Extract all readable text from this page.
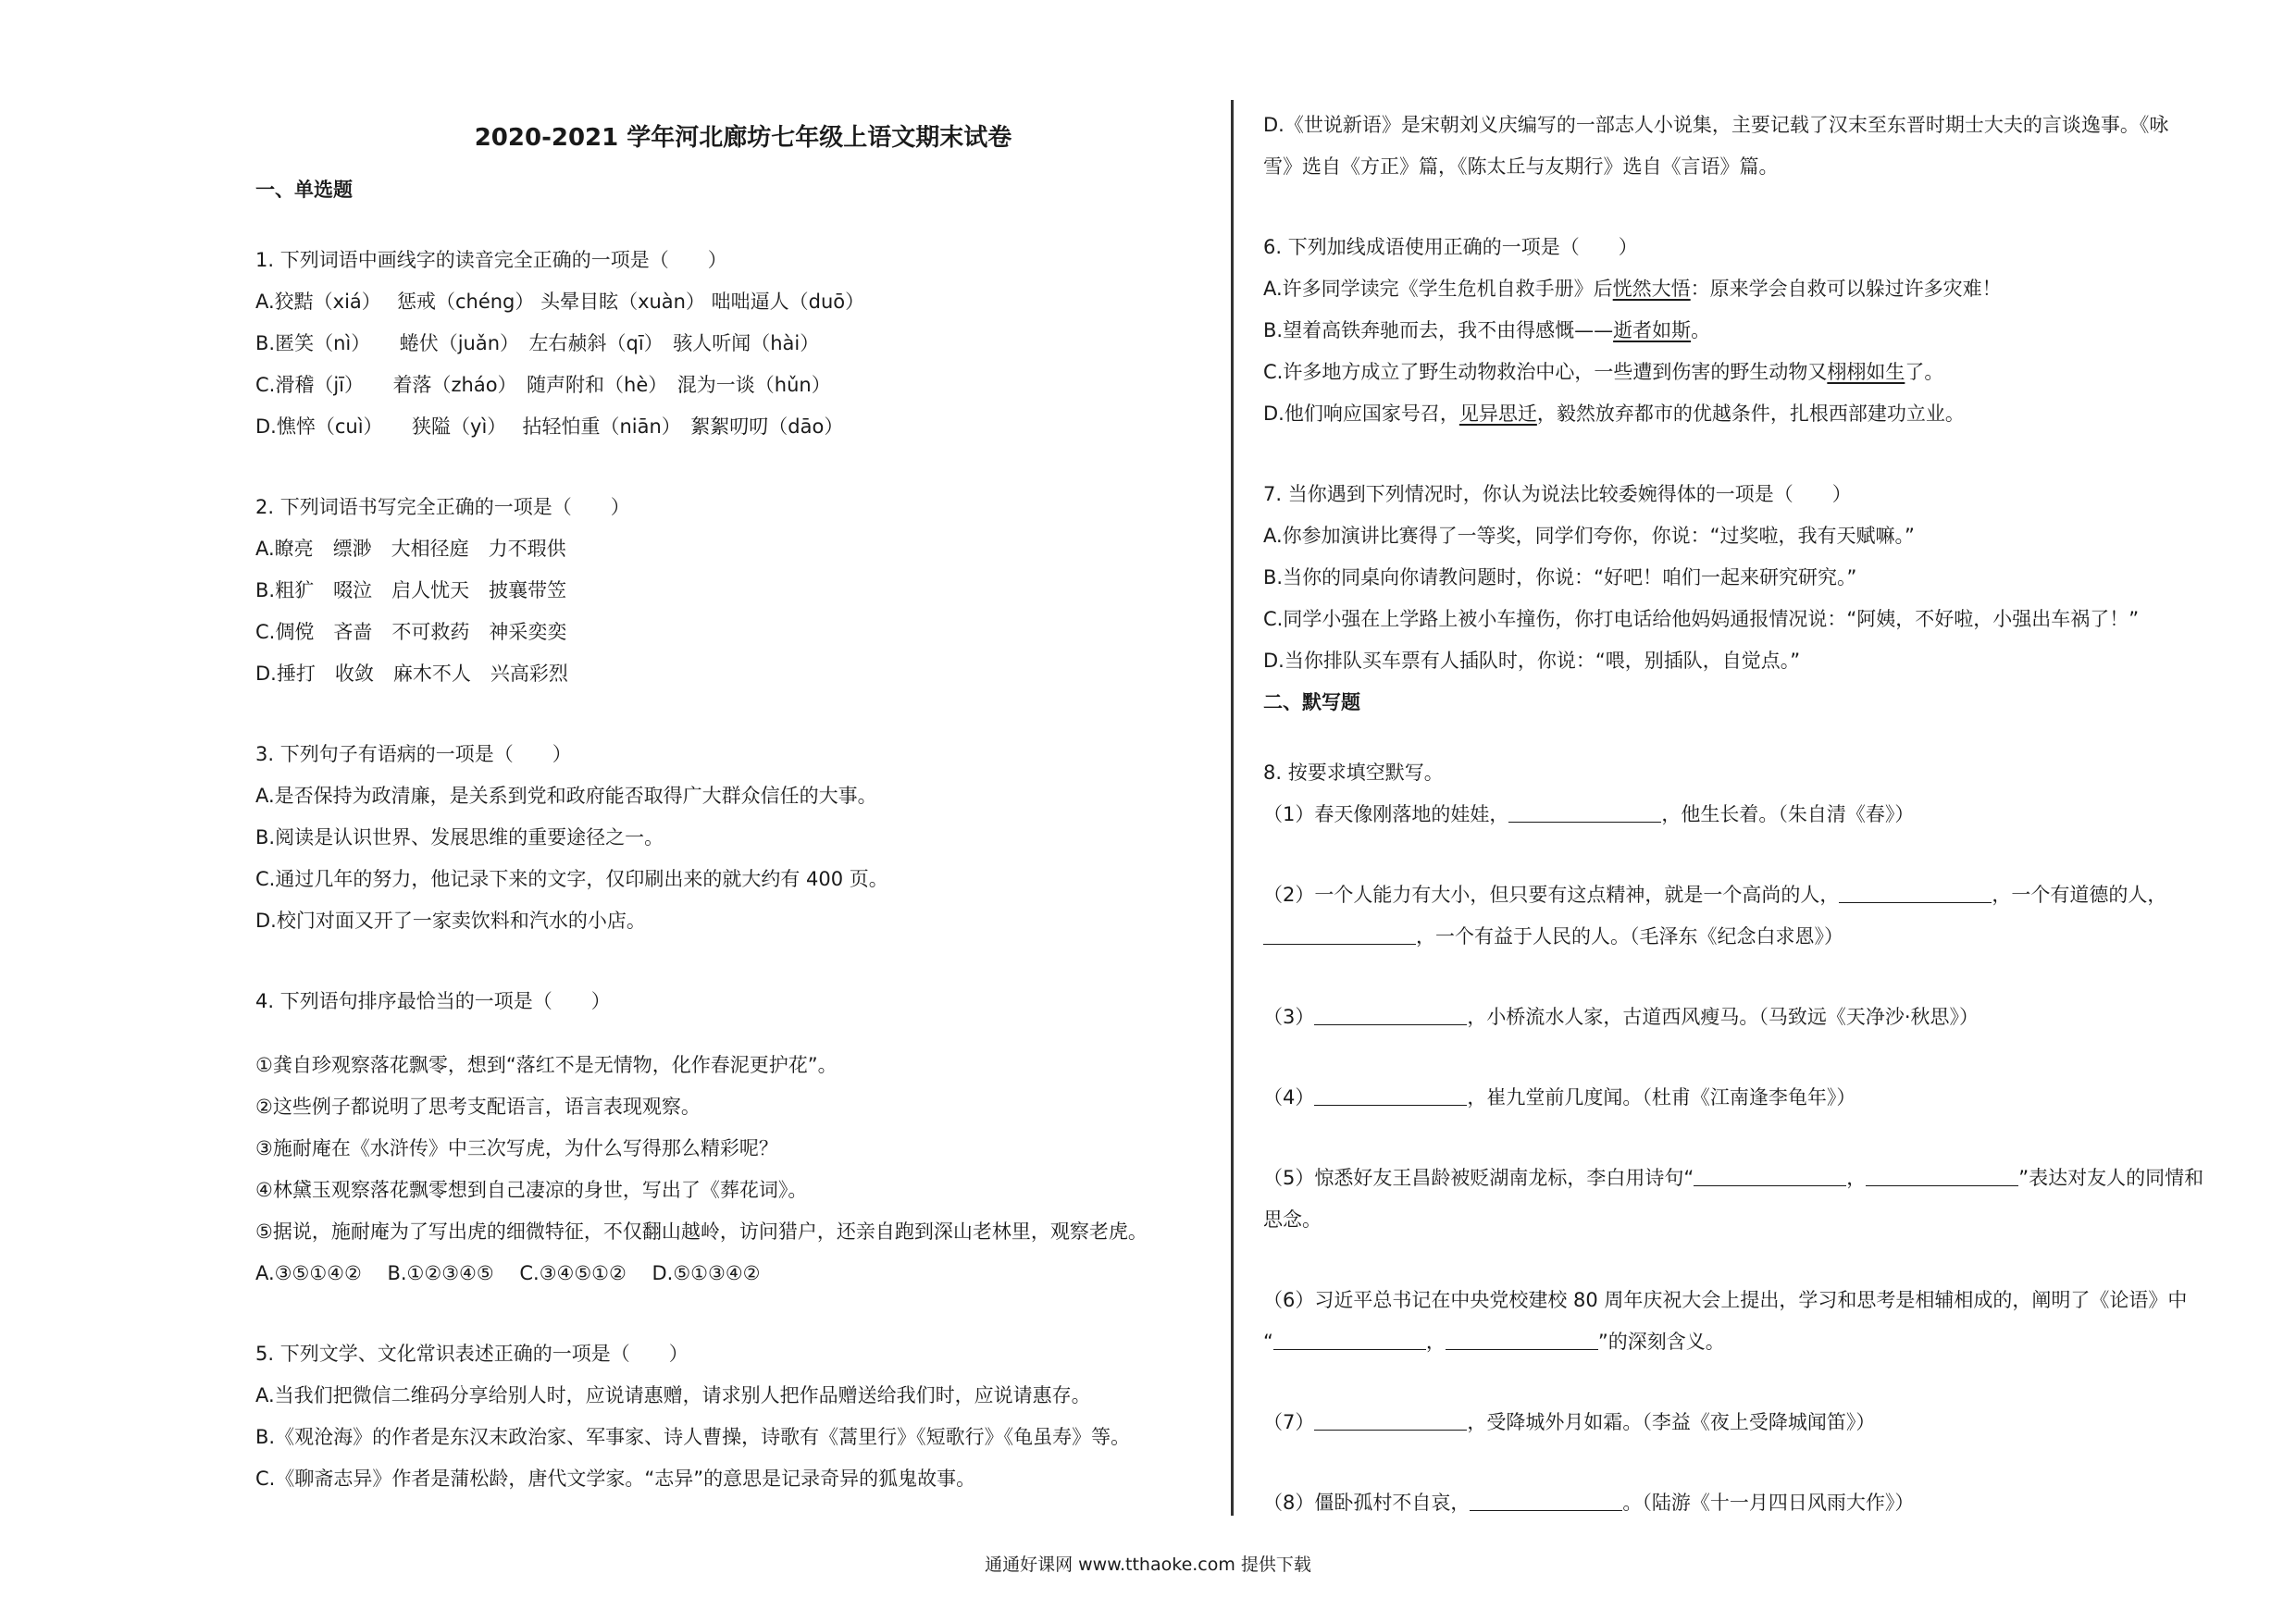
2020-2021 学年河北廊坊七年级上语文期末试卷
一、单选题
1. 下列词语中画线字的读音完全正确的一项是（　　）
A.狡黠（xiá）　 惩戒（chéng） 头晕目眩（xuàn） 咄咄逼人（duō）
B.匿笑（nì）　　蜷伏（juǎn）　左右赪斜（qī）　骇人听闻（hài）
C.滑稽（jī）　　着落（zháo）　随声附和（hè）　混为一谈（hǔn）
D.憔悴（cuì）　　狭隘（yì）　 拈轻怕重（niān）　絮絮叨叨（dāo）
2. 下列词语书写完全正确的一项是（　　）
A.瞭亮　缥渺　大相径庭　力不瑕供
B.粗犷　啜泣　启人忧天　披襄带笠
C.倜傥　吝啬　不可救药　神采奕奕
D.捶打　收敛　麻木不人　兴高彩烈
3. 下列句子有语病的一项是（　　）
A.是否保持为政清廉，是关系到党和政府能否取得广大群众信任的大事。
B.阅读是认识世界、发展思维的重要途径之一。
C.通过几年的努力，他记录下来的文字，仅印刷出来的就大约有 400 页。
D.校门对面又开了一家卖饮料和汽水的小店。
4. 下列语句排序最恰当的一项是（　　）
①龚自珍观察落花飘零，想到“落红不是无情物，化作春泥更护花”。
②这些例子都说明了思考支配语言，语言表现观察。
③施耐庵在《水浒传》中三次写虎，为什么写得那么精彩呢？
④林黛玉观察落花飘零想到自己凄凉的身世，写出了《葬花词》。
⑤据说，施耐庵为了写出虎的细微特征，不仅翻山越岭，访问猎户，还亲自跑到深山老林里，观察老虎。
A.③⑤①④②　 B.①②③④⑤　 C.③④⑤①②　 D.⑤①③④②
5. 下列文学、文化常识表述正确的一项是（　　）
A.当我们把微信二维码分享给别人时，应说请惠赠，请求别人把作品赠送给我们时，应说请惠存。
B.《观沧海》的作者是东汉末政治家、军事家、诗人曹操，诗歌有《蒿里行》《短歌行》《龟虽寿》等。
C.《聊斋志异》作者是蒲松龄，唐代文学家。“志异”的意思是记录奇异的狐鬼故事。
D.《世说新语》是宋朝刘义庆编写的一部志人小说集，主要记载了汉末至东晋时期士大夫的言谈逸事。《咏
雪》选自《方正》篇，《陈太丘与友期行》选自《言语》篇。
6. 下列加线成语使用正确的一项是（　　）
A.许多同学读完《学生危机自救手册》后恍然大悟：原来学会自救可以躲过许多灾难！
B.望着高铁奔驰而去，我不由得感慨——逝者如斯。
C.许多地方成立了野生动物救治中心，一些遭到伤害的野生动物又栩栩如生了。
D.他们响应国家号召，见异思迁，毅然放弃都市的优越条件，扎根西部建功立业。
7. 当你遇到下列情况时，你认为说法比较委婉得体的一项是（　　）
A.你参加演讲比赛得了一等奖，同学们夸你，你说：“过奖啦，我有天赋嘛。”
B.当你的同桌向你请教问题时，你说：“好吧！咱们一起来研究研究。”
C.同学小强在上学路上被小车撞伤，你打电话给他妈妈通报情况说：“阿姨，不好啦，小强出车祸了！”
D.当你排队买车票有人插队时，你说：“喂，别插队，自觉点。”
二、默写题
8. 按要求填空默写。
（1）春天像刚落地的娃娃，	，他生长着。（朱自清《春》）
（2）一个人能力有大小，但只要有这点精神，就是一个高尚的人，	，一个有道德的人，
，一个有益于人民的人。（毛泽东《纪念白求恩》）
（3）	，小桥流水人家，古道西风瘦马。（马致远《天净沙·秋思》）
（4）	，崔九堂前几度闻。（杜甫《江南逢李龟年》）
（5）惊悉好友王昌龄被贬湖南龙标，李白用诗句“	，	”表达对友人的同情和
思念。
（6）习近平总书记在中央党校建校 80 周年庆祝大会上提出，学习和思考是相辅相成的，阐明了《论语》中
“	，	”的深刻含义。
（7）	，受降城外月如霜。（李益《夜上受降城闻笛》）
（8）僵卧孤村不自哀，	。（陆游《十一月四日风雨大作》）
通通好课网 www.tthaoke.com 提供下载
